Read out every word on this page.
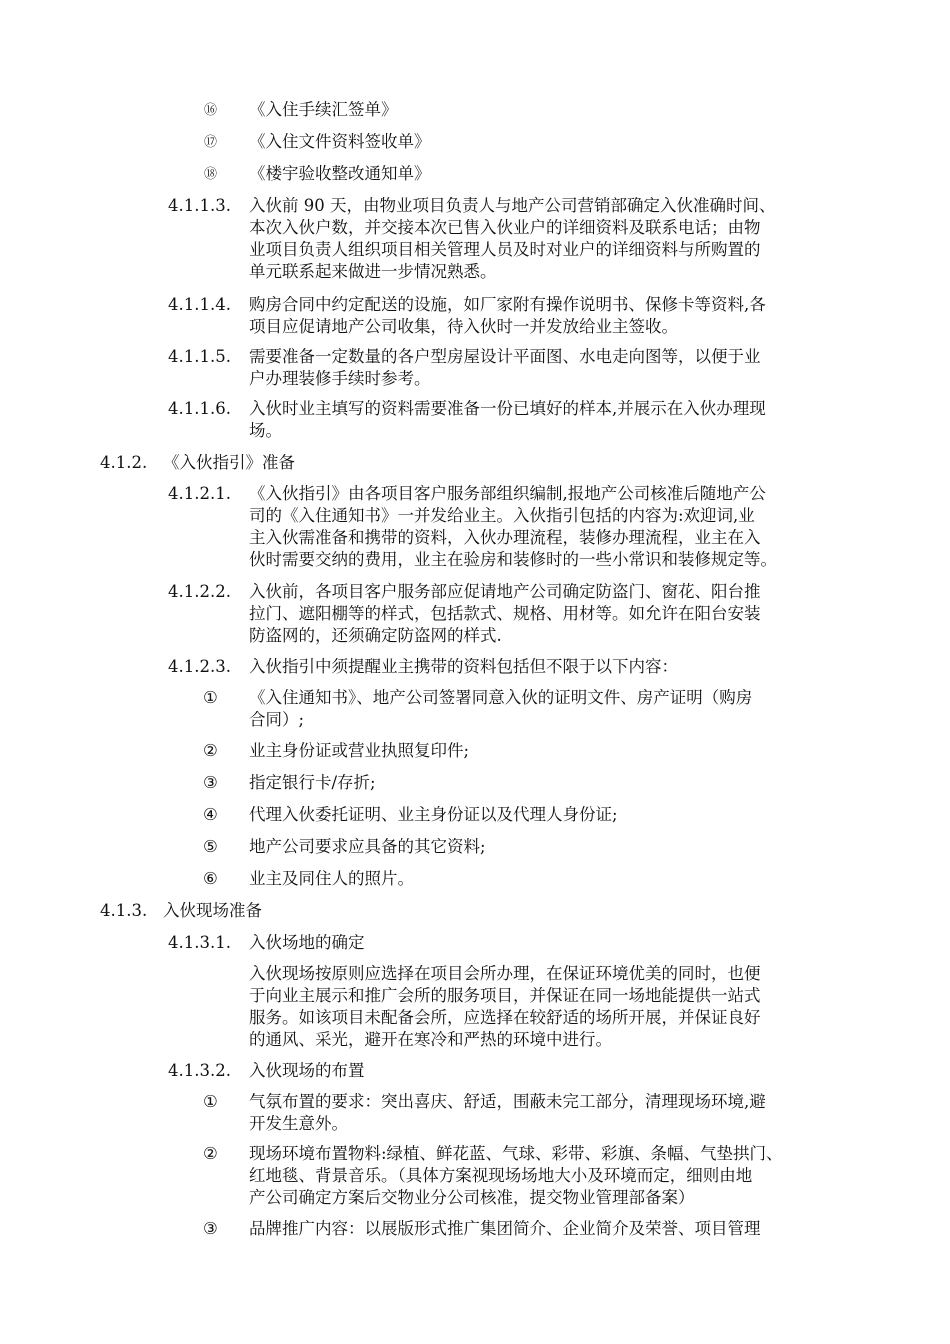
⑯ 《入住手续汇签单》
⑰ 《入住文件资料签收单》
⑱ 《楼宇验收整改通知单》
4.1.1.3. 入伙前 90 天，由物业项目负责人与地产公司营销部确定入伙准确时间、
本次入伙户数，并交接本次已售入伙业户的详细资料及联系电话；由物
业项目负责人组织项目相关管理人员及时对业户的详细资料与所购置的
单元联系起来做进一步情况熟悉。
4.1.1.4. 购房合同中约定配送的设施，如厂家附有操作说明书、保修卡等资料,各
项目应促请地产公司收集，待入伙时一并发放给业主签收。
4.1.1.5. 需要准备一定数量的各户型房屋设计平面图、水电走向图等，以便于业
户办理装修手续时参考。
4.1.1.6. 入伙时业主填写的资料需要准备一份已填好的样本,并展示在入伙办理现
场。
4.1.2. 《入伙指引》准备
4.1.2.1. 《入伙指引》由各项目客户服务部组织编制,报地产公司核准后随地产公
司的《入住通知书》一并发给业主。入伙指引包括的内容为:欢迎词,业
主入伙需准备和携带的资料，入伙办理流程，装修办理流程，业主在入
伙时需要交纳的费用，业主在验房和装修时的一些小常识和装修规定等。
4.1.2.2. 入伙前，各项目客户服务部应促请地产公司确定防盗门、窗花、阳台推
拉门、遮阳棚等的样式，包括款式、规格、用材等。如允许在阳台安装
防盗网的，还须确定防盗网的样式.
4.1.2.3. 入伙指引中须提醒业主携带的资料包括但不限于以下内容：
① 《入住通知书》、地产公司签署同意入伙的证明文件、房产证明（购房
合同）;
② 业主身份证或营业执照复印件;
③ 指定银行卡/存折;
④ 代理入伙委托证明、业主身份证以及代理人身份证;
⑤ 地产公司要求应具备的其它资料;
⑥ 业主及同住人的照片。
4.1.3. 入伙现场准备
4.1.3.1. 入伙场地的确定
入伙现场按原则应选择在项目会所办理，在保证环境优美的同时，也便
于向业主展示和推广会所的服务项目，并保证在同一场地能提供一站式
服务。如该项目未配备会所，应选择在较舒适的场所开展，并保证良好
的通风、采光，避开在寒冷和严热的环境中进行。
4.1.3.2. 入伙现场的布置
① 气氛布置的要求：突出喜庆、舒适，围蔽未完工部分，清理现场环境,避
开发生意外。
② 现场环境布置物料:绿植、鲜花蓝、气球、彩带、彩旗、条幅、气垫拱门、
红地毯、背景音乐。（具体方案视现场场地大小及环境而定，细则由地
产公司确定方案后交物业分公司核准，提交物业管理部备案）
③ 品牌推广内容：以展版形式推广集团简介、企业简介及荣誉、项目管理
